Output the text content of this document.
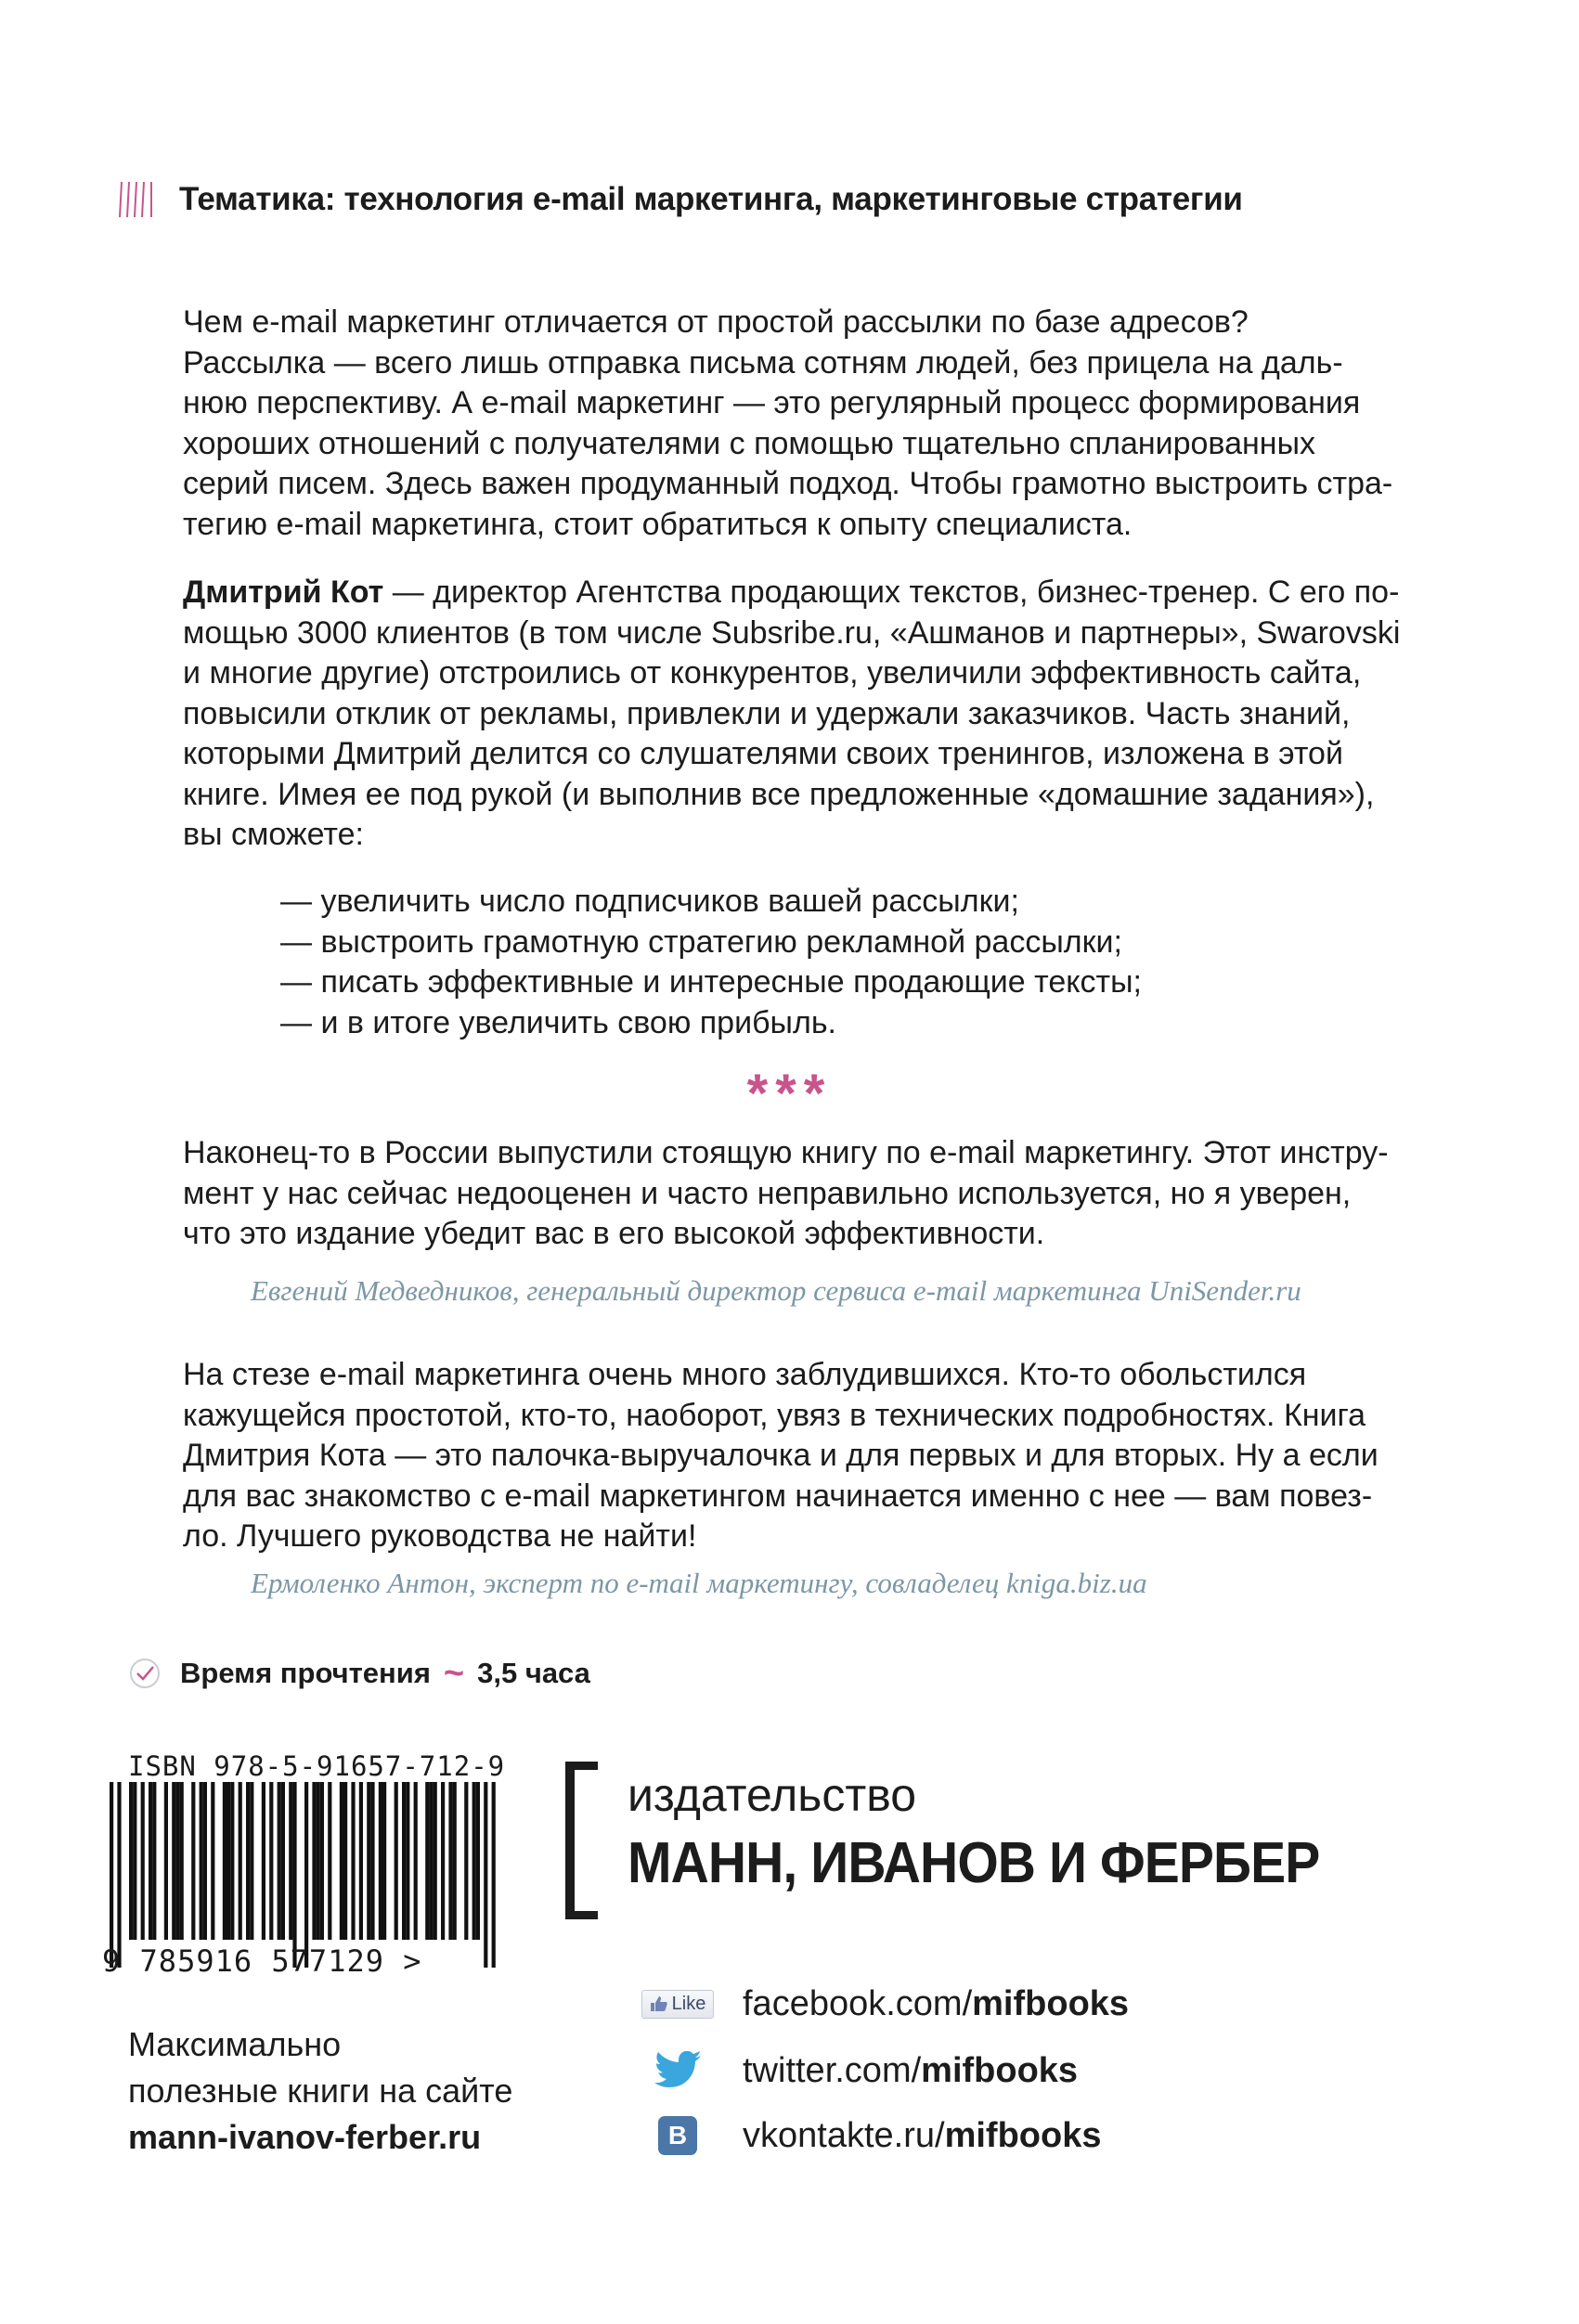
Тематика: технология e-mail маркетинга, маркетинговые стратегии
Чем e-mail маркетинг отличается от простой рассылки по базе адресов?
Рассылка — всего лишь отправка письма сотням людей, без прицела на даль-
нюю перспективу. А e-mail маркетинг — это регулярный процесс формирования
хороших отношений с получателями с помощью тщательно спланированных
серий писем. Здесь важен продуманный подход. Чтобы грамотно выстроить стра-
тегию e-mail маркетинга, стоит обратиться к опыту специалиста.
Дмитрий Кот — директор Агентства продающих текстов, бизнес-тренер. С его по-
мощью 3000 клиентов (в том числе Subsribe.ru, «Ашманов и партнеры», Swarovski
и многие другие) отстроились от конкурентов, увеличили эффективность сайта,
повысили отклик от рекламы, привлекли и удержали заказчиков. Часть знаний,
которыми Дмитрий делится со слушателями своих тренингов, изложена в этой
книге. Имея ее под рукой (и выполнив все предложенные «домашние задания»),
вы сможете:
— увеличить число подписчиков вашей рассылки;
— выстроить грамотную стратегию рекламной рассылки;
— писать эффективные и интересные продающие тексты;
— и в итоге увеличить свою прибыль.
***
Наконец-то в России выпустили стоящую книгу по e-mail маркетингу. Этот инстру-
мент у нас сейчас недооценен и часто неправильно используется, но я уверен,
что это издание убедит вас в его высокой эффективности.
Евгений Медведников, генеральный директор сервиса e-mail маркетинга UniSender.ru
На стезе e-mail маркетинга очень много заблудившихся. Кто-то обольстился
кажущейся простотой, кто-то, наоборот, увяз в технических подробностях. Книга
Дмитрия Кота — это палочка-выручалочка и для первых и для вторых. Ну а если
для вас знакомство с e-mail маркетингом начинается именно с нее — вам повез-
ло. Лучшего руководства не найти!
Ермоленко Антон, эксперт по e-mail маркетингу, совладелец kniga.biz.ua
Время прочтения ~ 3,5 часа
ISBN 978-5-91657-712-9
9 785916 577129 >
Максимально
полезные книги на сайте
mann-ivanov-ferber.ru
издательство
МАНН, ИВАНОВ И ФЕРБЕР
Like facebook.com/ mifbooks
twitter.com/ mifbooks
В vkontakte.ru/ mifbooks
